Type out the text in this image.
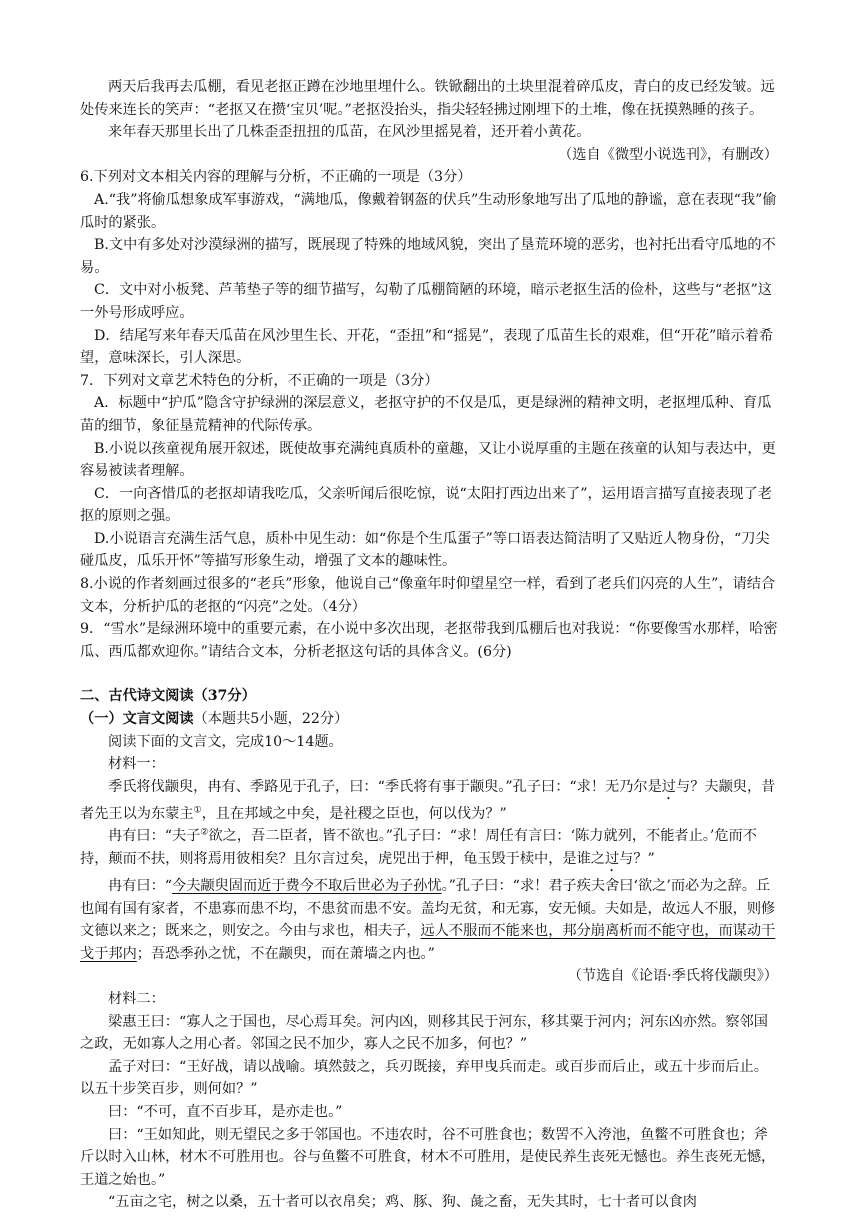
两天后我再去瓜棚，看见老抠正蹲在沙地里埋什么。铁锨翻出的土块里混着碎瓜皮，青白的皮已经发皱。远处传来连长的笑声：“老抠又在攒‘宝贝’呢。”老抠没抬头，指尖轻轻拂过刚埋下的土堆，像在抚摸熟睡的孩子。

来年春天那里长出了几株歪歪扭扭的瓜苗，在风沙里摇晃着，还开着小黄花。

（选自《微型小说选刊》，有删改）

6.下列对文本相关内容的理解与分析，不正确的一项是（3分）

A.“我”将偷瓜想象成军事游戏，“满地瓜，像戴着钢盔的伏兵”生动形象地写出了瓜地的静谧，意在表现“我”偷瓜时的紧张。

B.文中有多处对沙漠绿洲的描写，既展现了特殊的地域风貌，突出了垦荒环境的恶劣，也衬托出看守瓜地的不易。

C．文中对小板凳、芦苇垫子等的细节描写，勾勒了瓜棚简陋的环境，暗示老抠生活的俭朴，这些与“老抠”这一外号形成呼应。

D．结尾写来年春天瓜苗在风沙里生长、开花，“歪扭”和“摇晃”，表现了瓜苗生长的艰难，但“开花”暗示着希望，意味深长，引人深思。

7．下列对文章艺术特色的分析，不正确的一项是（3分）

A．标题中“护瓜”隐含守护绿洲的深层意义，老抠守护的不仅是瓜，更是绿洲的精神文明，老抠埋瓜种、育瓜苗的细节，象征垦荒精神的代际传承。

B.小说以孩童视角展开叙述，既使故事充满纯真质朴的童趣，又让小说厚重的主题在孩童的认知与表达中，更容易被读者理解。

C．一向吝惜瓜的老抠却请我吃瓜，父亲听闻后很吃惊，说“太阳打西边出来了”，运用语言描写直接表现了老抠的原则之强。

D.小说语言充满生活气息，质朴中见生动：如“你是个生瓜蛋子”等口语表达简洁明了又贴近人物身份，“刀尖碰瓜皮，瓜乐开怀”等描写形象生动，增强了文本的趣味性。

8.小说的作者刻画过很多的“老兵”形象，他说自己“像童年时仰望星空一样，看到了老兵们闪亮的人生”，请结合文本，分析护瓜的老抠的“闪亮”之处。（4分）

9．“雪水”是绿洲环境中的重要元素，在小说中多次出现，老抠带我到瓜棚后也对我说：“你要像雪水那样，哈密瓜、西瓜都欢迎你。”请结合文本，分析老抠这句话的具体含义。(6分)

二、古代诗文阅读（37分）

（一）文言文阅读（本题共5小题，22分）

阅读下面的文言文，完成10～14题。

材料一：

季氏将伐颛臾，冉有、季路见于孔子，曰：“季氏将有事于颛臾。”孔子曰：“求！无乃尔是过与？夫颛臾，昔者先王以为东蒙主①，且在邦域之中矣，是社稷之臣也，何以伐为？”

冉有曰：“夫子②欲之，吾二臣者，皆不欲也。”孔子曰：“求！周任有言曰：‘陈力就列，不能者止。’危而不持，颠而不扶，则将焉用彼相矣？且尔言过矣，虎兕出于柙，龟玉毁于椟中，是谁之过与？”

冉有曰：“今夫颛臾固而近于费今不取后世必为子孙忧。”孔子曰：“求！君子疾夫舍曰‘欲之’而必为之辞。丘也闻有国有家者，不患寡而患不均，不患贫而患不安。盖均无贫，和无寡，安无倾。夫如是，故远人不服，则修文德以来之；既来之，则安之。今由与求也，相夫子，远人不服而不能来也，邦分崩离析而不能守也，而谋动干戈于邦内；吾恐季孙之忧，不在颛臾，而在萧墙之内也。”

（节选自《论语·季氏将伐颛臾》）

材料二：

梁惠王曰：“寡人之于国也，尽心焉耳矣。河内凶，则移其民于河东，移其粟于河内；河东凶亦然。察邻国之政，无如寡人之用心者。邻国之民不加少，寡人之民不加多，何也？”

孟子对曰：“王好战，请以战喻。填然鼓之，兵刃既接，弃甲曳兵而走。或百步而后止，或五十步而后止。以五十步笑百步，则何如？”

曰：“不可，直不百步耳，是亦走也。”

曰：“王如知此，则无望民之多于邻国也。不违农时，谷不可胜食也；数罟不入洿池，鱼鳖不可胜食也；斧斤以时入山林，材木不可胜用也。谷与鱼鳖不可胜食，材木不可胜用，是使民养生丧死无憾也。养生丧死无憾，王道之始也。”

“五亩之宅，树之以桑，五十者可以衣帛矣；鸡、豚、狗、彘之畜，无失其时，七十者可以食肉
